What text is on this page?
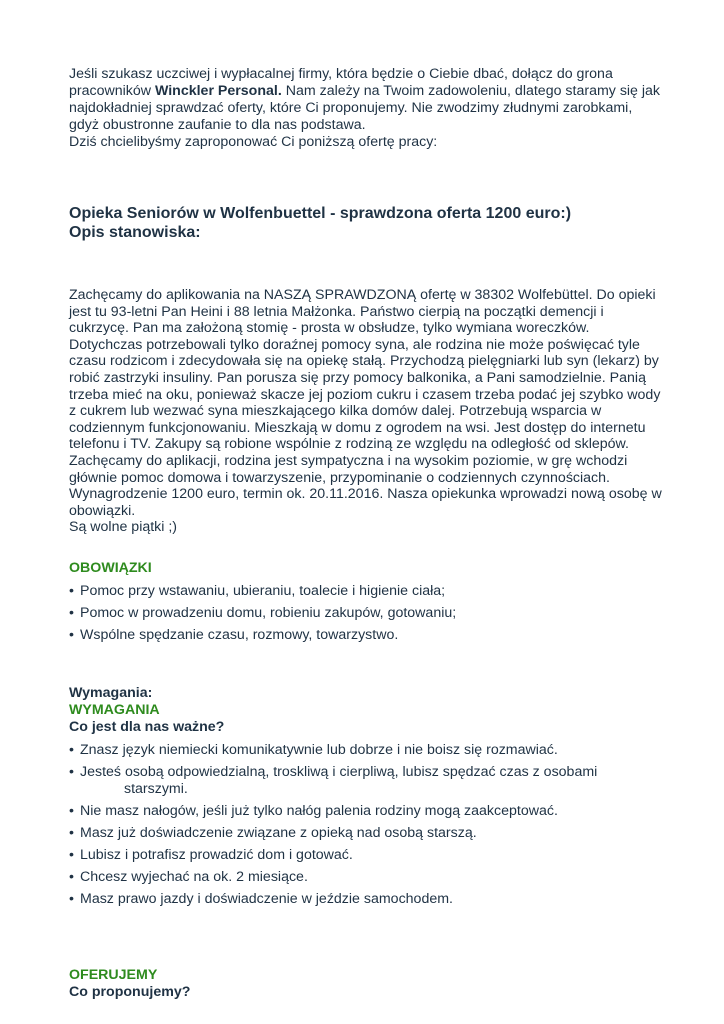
Jeśli szukasz uczciwej i wypłacalnej firmy, która będzie o Ciebie dbać, dołącz do grona pracowników Winckler Personal. Nam zależy na Twoim zadowoleniu, dlatego staramy się jak najdokładniej sprawdzać oferty, które Ci proponujemy. Nie zwodzimy złudnymi zarobkami, gdyż obustronne zaufanie to dla nas podstawa.
Dziś chcielibyśmy zaproponować Ci poniższą ofertę pracy:

Opieka Seniorów w Wolfenbuettel - sprawdzona oferta 1200 euro:)

Opis stanowiska:

Zachęcamy do aplikowania na NASZĄ SPRAWDZONĄ ofertę w 38302 Wolfebüttel. Do opieki jest tu 93-letni Pan Heini i 88 letnia Małżonka. Państwo cierpią na początki demencji i cukrzycę. Pan ma założoną stomię - prosta w obsłudze, tylko wymiana woreczków. Dotychczas potrzebowali tylko doraźnej pomocy syna, ale rodzina nie może poświęcać tyle czasu rodzicom i zdecydowała się na opiekę stałą. Przychodzą pielęgniarki lub syn (lekarz) by robić zastrzyki insuliny. Pan porusza się przy pomocy balkonika, a Pani samodzielnie. Panią trzeba mieć na oku, ponieważ skacze jej poziom cukru i czasem trzeba podać jej szybko wody z cukrem lub wezwać syna mieszkającego kilka domów dalej. Potrzebują wsparcia w codziennym funkcjonowaniu. Mieszkają w domu z ogrodem na wsi. Jest dostęp do internetu telefonu i TV. Zakupy są robione wspólnie z rodziną ze względu na odległość od sklepów. Zachęcamy do aplikacji, rodzina jest sympatyczna i na wysokim poziomie, w grę wchodzi głównie pomoc domowa i towarzyszenie, przypominanie o codziennych czynnościach. Wynagrodzenie 1200 euro, termin ok. 20.11.2016. Nasza opiekunka wprowadzi nową osobę w obowiązki.
Są wolne piątki ;)

OBOWIĄZKI

• Pomoc przy wstawaniu, ubieraniu, toalecie i higienie ciała;
• Pomoc w prowadzeniu domu, robieniu zakupów, gotowaniu;
• Wspólne spędzanie czasu, rozmowy, towarzystwo.

Wymagania:

WYMAGANIA

Co jest dla nas ważne?

• Znasz język niemiecki komunikatywnie lub dobrze i nie boisz się rozmawiać.
• Jesteś osobą odpowiedzialną, troskliwą i cierpliwą, lubisz spędzać czas z osobami
starszymi.
• Nie masz nałogów, jeśli już tylko nałóg palenia rodziny mogą zaakceptować.
• Masz już doświadczenie związane z opieką nad osobą starszą.
• Lubisz i potrafisz prowadzić dom i gotować.
• Chcesz wyjechać na ok. 2 miesiące.
• Masz prawo jazdy i doświadczenie w jeździe samochodem.

OFERUJEMY

Co proponujemy?
